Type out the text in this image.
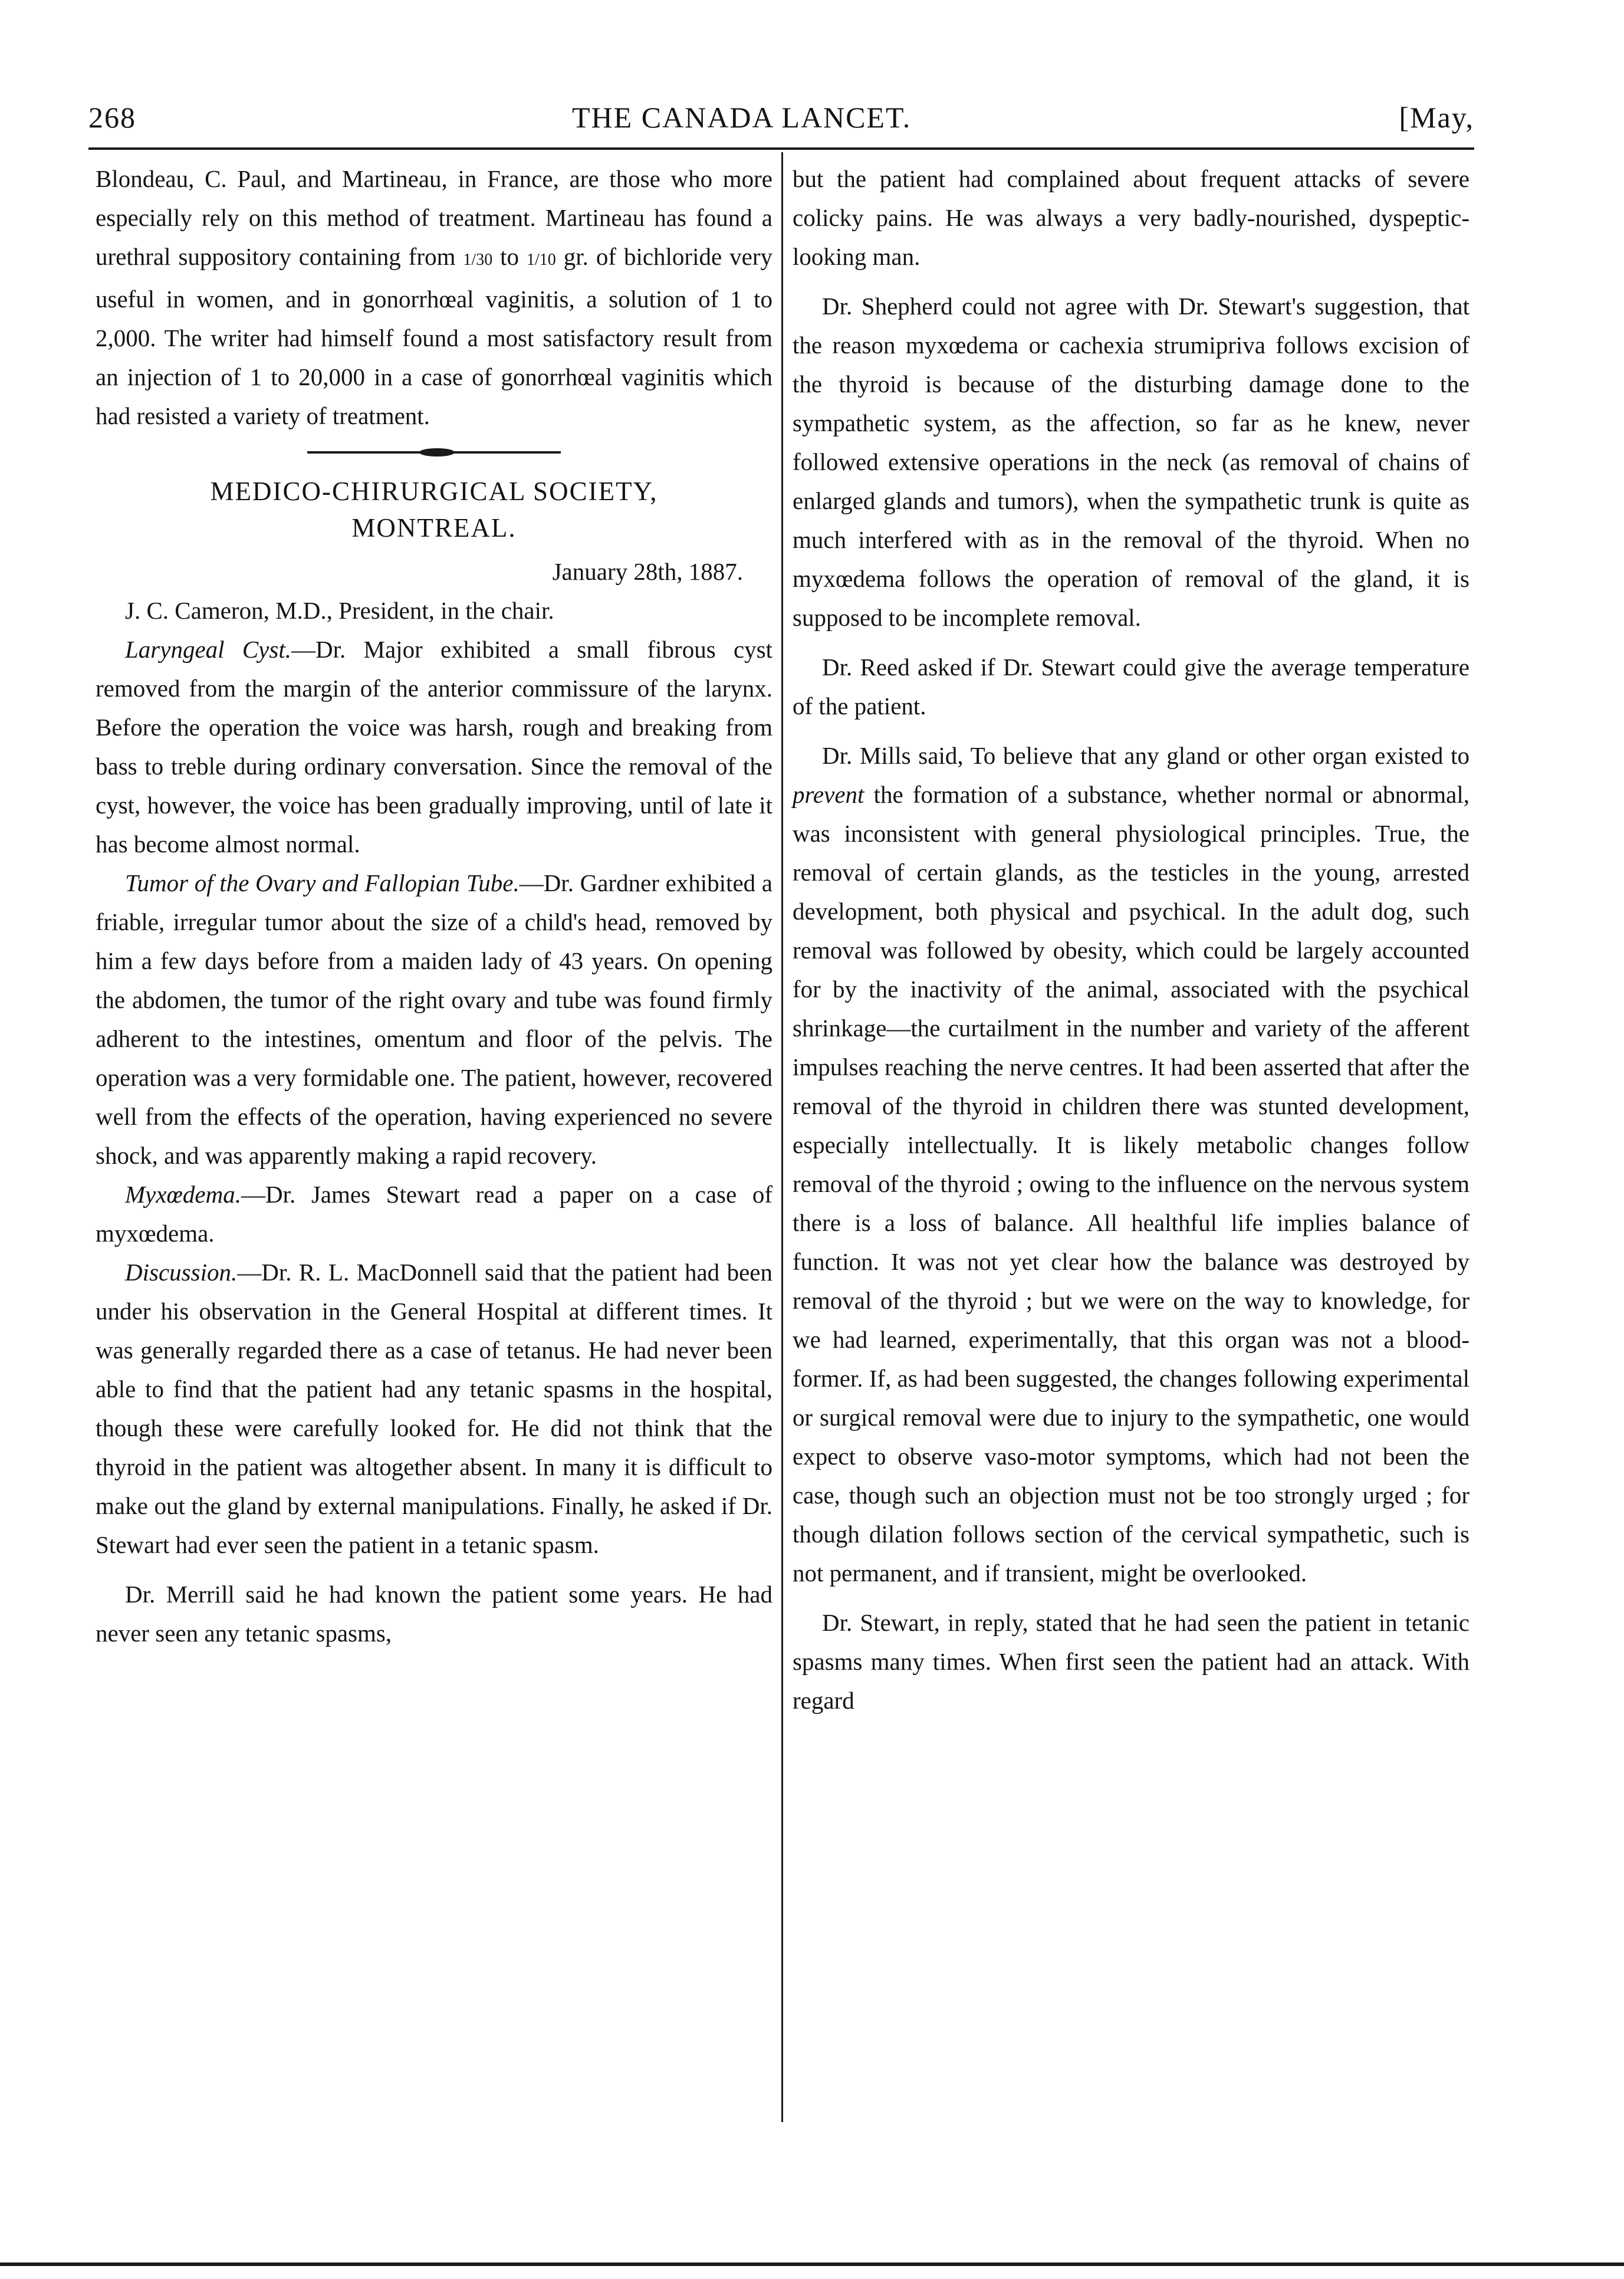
268	THE CANADA LANCET.	[May,

Blondeau, C. Paul, and Martineau, in France, are those who more especially rely on this method of treatment. Martineau has found a urethral suppository containing from 1/30 to 1/10 gr. of bichloride very useful in women, and in gonorrhœal vaginitis, a solution of 1 to 2,000. The writer had himself found a most satisfactory result from an injection of 1 to 20,000 in a case of gonorrhœal vaginitis which had resisted a variety of treatment.

MEDICO-CHIRURGICAL SOCIETY,
MONTREAL.

January 28th, 1887.

J. C. Cameron, M.D., President, in the chair.

Laryngeal Cyst.—Dr. Major exhibited a small fibrous cyst removed from the margin of the anterior commissure of the larynx. Before the operation the voice was harsh, rough and breaking from bass to treble during ordinary conversation. Since the removal of the cyst, however, the voice has been gradually improving, until of late it has become almost normal.

Tumor of the Ovary and Fallopian Tube.—Dr. Gardner exhibited a friable, irregular tumor about the size of a child's head, removed by him a few days before from a maiden lady of 43 years. On opening the abdomen, the tumor of the right ovary and tube was found firmly adherent to the intestines, omentum and floor of the pelvis. The operation was a very formidable one. The patient, however, recovered well from the effects of the operation, having experienced no severe shock, and was apparently making a rapid recovery.

Myxœdema.—Dr. James Stewart read a paper on a case of myxœdema.

Discussion.—Dr. R. L. MacDonnell said that the patient had been under his observation in the General Hospital at different times. It was generally regarded there as a case of tetanus. He had never been able to find that the patient had any tetanic spasms in the hospital, though these were carefully looked for. He did not think that the thyroid in the patient was altogether absent. In many it is difficult to make out the gland by external manipulations. Finally, he asked if Dr. Stewart had ever seen the patient in a tetanic spasm.

Dr. Merrill said he had known the patient some years. He had never seen any tetanic spasms,

but the patient had complained about frequent attacks of severe colicky pains. He was always a very badly-nourished, dyspeptic-looking man.

Dr. Shepherd could not agree with Dr. Stewart's suggestion, that the reason myxœdema or cachexia strumipriva follows excision of the thyroid is because of the disturbing damage done to the sympathetic system, as the affection, so far as he knew, never followed extensive operations in the neck (as removal of chains of enlarged glands and tumors), when the sympathetic trunk is quite as much interfered with as in the removal of the thyroid. When no myxœdema follows the operation of removal of the gland, it is supposed to be incomplete removal.

Dr. Reed asked if Dr. Stewart could give the average temperature of the patient.

Dr. Mills said, To believe that any gland or other organ existed to prevent the formation of a substance, whether normal or abnormal, was inconsistent with general physiological principles. True, the removal of certain glands, as the testicles in the young, arrested development, both physical and psychical. In the adult dog, such removal was followed by obesity, which could be largely accounted for by the inactivity of the animal, associated with the psychical shrinkage—the curtailment in the number and variety of the afferent impulses reaching the nerve centres. It had been asserted that after the removal of the thyroid in children there was stunted development, especially intellectually. It is likely metabolic changes follow removal of the thyroid ; owing to the influence on the nervous system there is a loss of balance. All healthful life implies balance of function. It was not yet clear how the balance was destroyed by removal of the thyroid ; but we were on the way to knowledge, for we had learned, experimentally, that this organ was not a blood-former. If, as had been suggested, the changes following experimental or surgical removal were due to injury to the sympathetic, one would expect to observe vaso-motor symptoms, which had not been the case, though such an objection must not be too strongly urged ; for though dilation follows section of the cervical sympathetic, such is not permanent, and if transient, might be overlooked.

Dr. Stewart, in reply, stated that he had seen the patient in tetanic spasms many times. When first seen the patient had an attack. With regard
